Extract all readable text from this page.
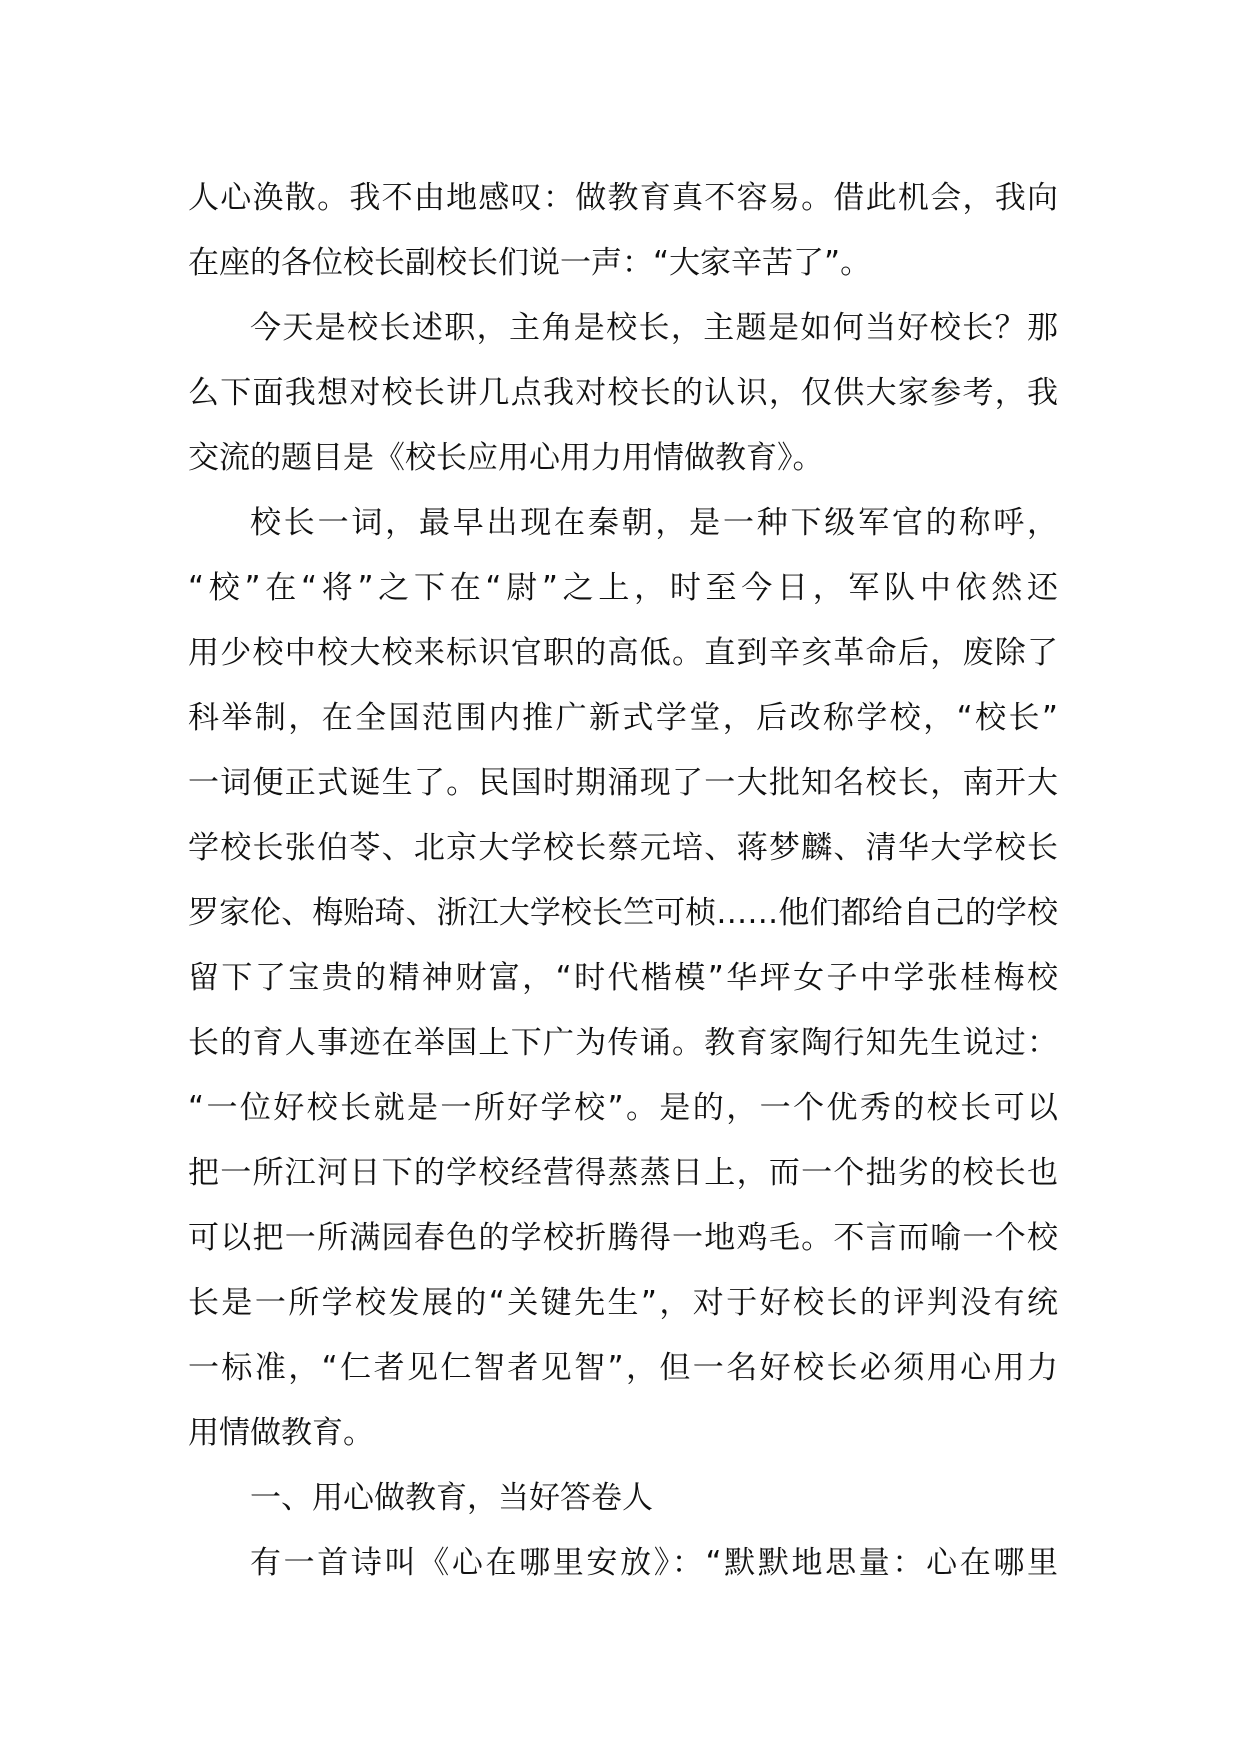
人心涣散。我不由地感叹：做教育真不容易。借此机会，我向
在座的各位校长副校长们说一声：“大家辛苦了”。
今天是校长述职，主角是校长，主题是如何当好校长？那
么下面我想对校长讲几点我对校长的认识，仅供大家参考，我
交流的题目是《校长应用心用力用情做教育》。
校长一词，最早出现在秦朝，是一种下级军官的称呼，
“校”在“将”之下在“尉”之上，时至今日，军队中依然还
用少校中校大校来标识官职的高低。直到辛亥革命后，废除了
科举制，在全国范围内推广新式学堂，后改称学校，“校长”
一词便正式诞生了。民国时期涌现了一大批知名校长，南开大
学校长张伯苓、北京大学校长蔡元培、蒋梦麟、清华大学校长
罗家伦、梅贻琦、浙江大学校长竺可桢……他们都给自己的学校
留下了宝贵的精神财富，“时代楷模”华坪女子中学张桂梅校
长的育人事迹在举国上下广为传诵。教育家陶行知先生说过：
“一位好校长就是一所好学校”。是的，一个优秀的校长可以
把一所江河日下的学校经营得蒸蒸日上，而一个拙劣的校长也
可以把一所满园春色的学校折腾得一地鸡毛。不言而喻一个校
长是一所学校发展的“关键先生”，对于好校长的评判没有统
一标准，“仁者见仁智者见智”，但一名好校长必须用心用力
用情做教育。
一、用心做教育，当好答卷人
有一首诗叫《心在哪里安放》：“默默地思量：心在哪里
